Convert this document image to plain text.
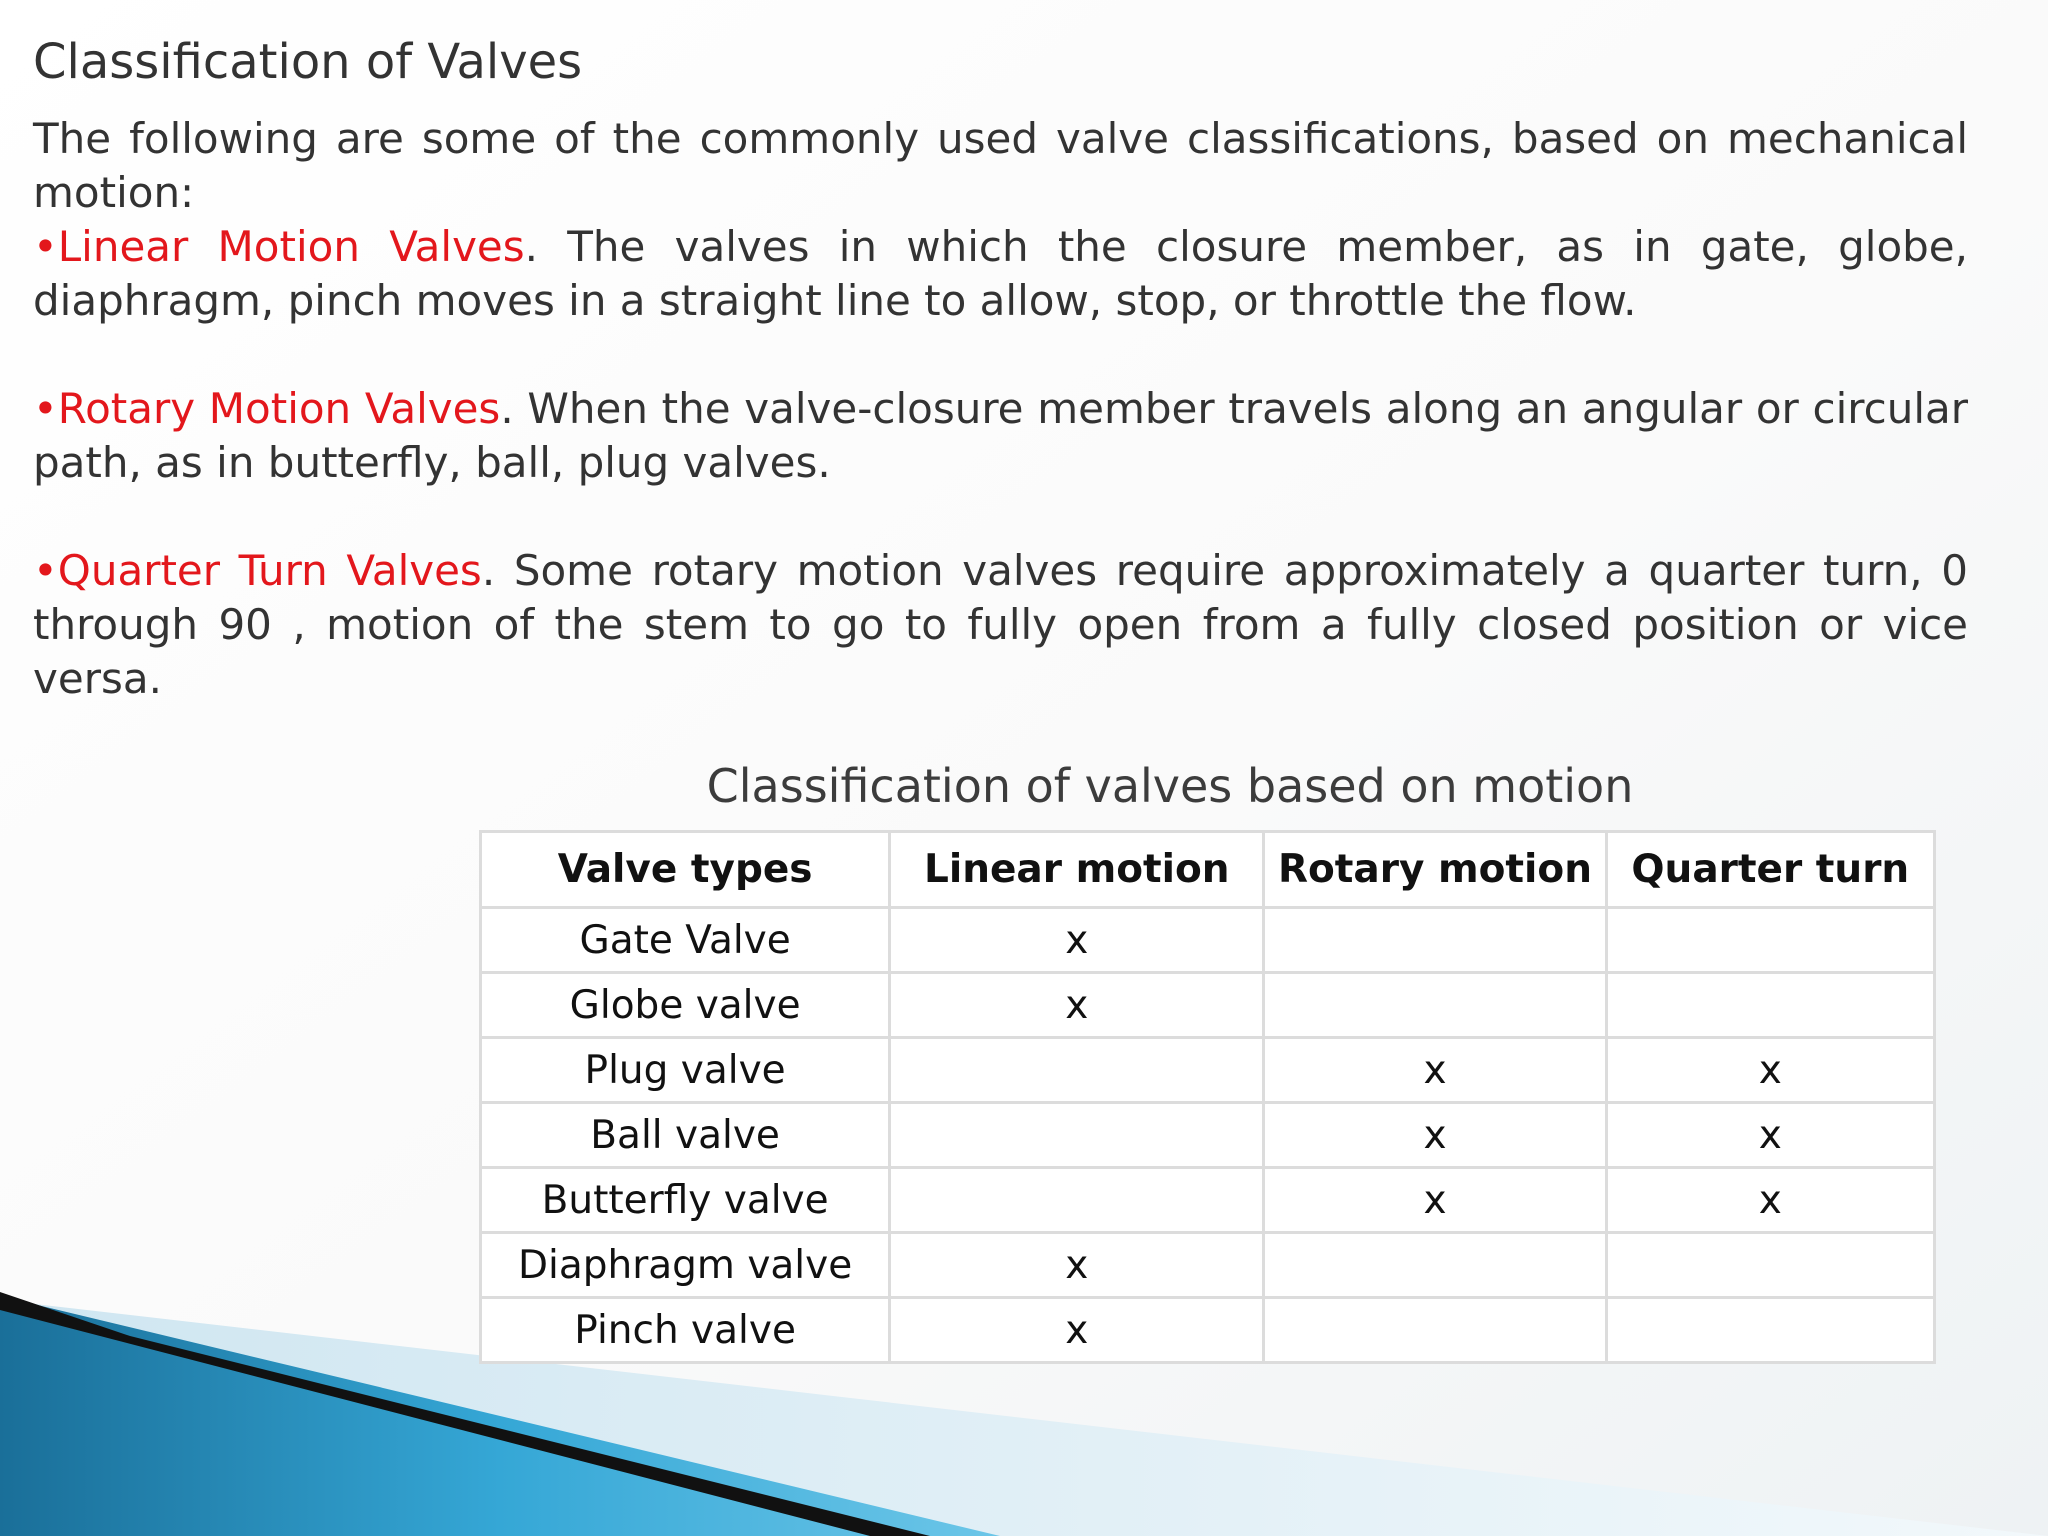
Classification of Valves

The following are some of the commonly used valve classifications, based on mechanical motion:

•Linear Motion Valves. The valves in which the closure member, as in gate, globe, diaphragm, pinch moves in a straight line to allow, stop, or throttle the flow.

•Rotary Motion Valves. When the valve-closure member travels along an angular or circular path, as in butterfly, ball, plug valves.

•Quarter Turn Valves. Some rotary motion valves require approximately a quarter turn, 0 through 90 , motion of the stem to go to fully open from a fully closed position or vice versa.

Classification of valves based on motion
Valve types	Linear motion	Rotary motion	Quarter turn
Gate Valve	x		
Globe valve	x		
Plug valve		x	x
Ball valve		x	x
Butterfly valve		x	x
Diaphragm valve	x		
Pinch valve	x		
